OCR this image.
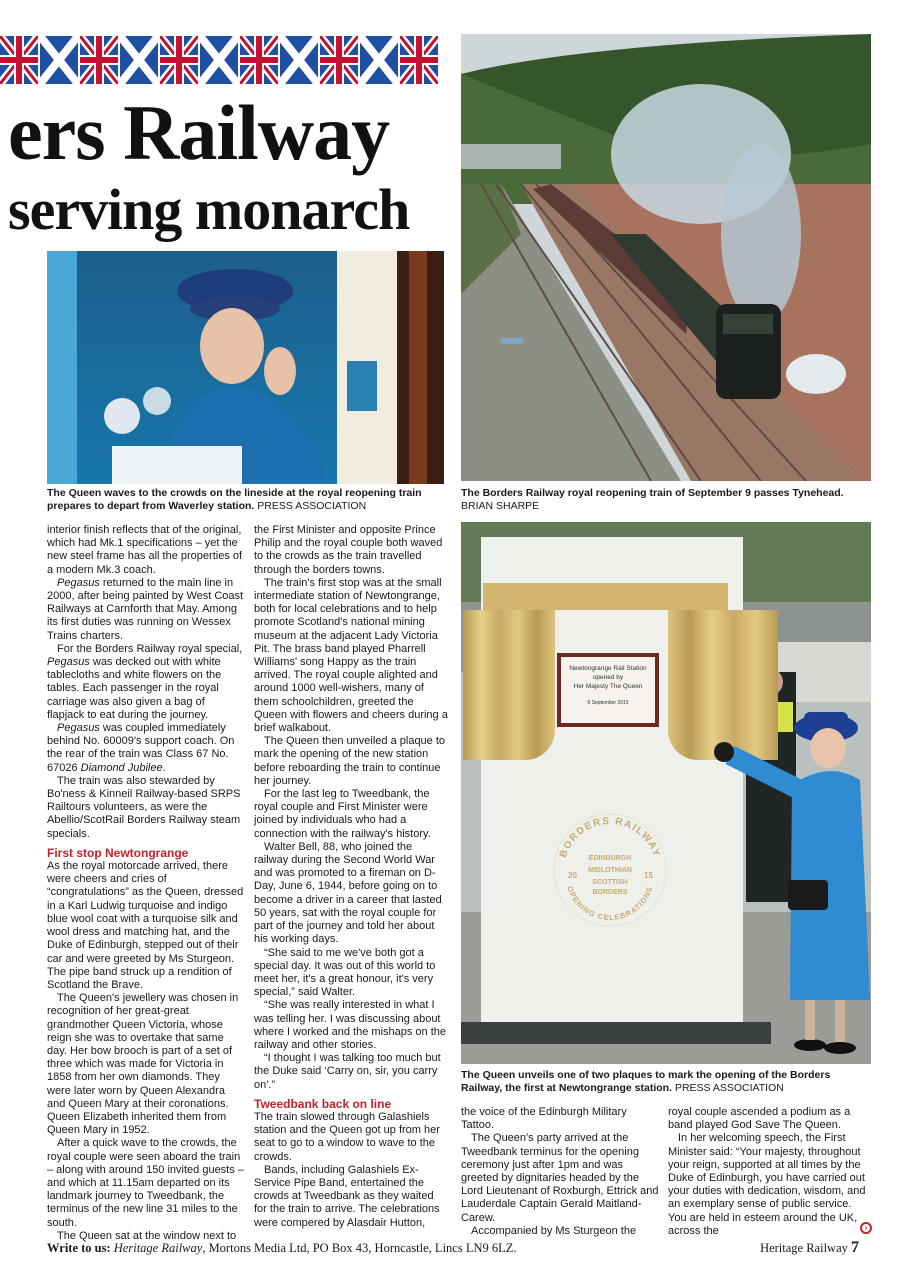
ers Railway
serving monarch
The Queen waves to the crowds on the lineside at the royal reopening train prepares to depart from Waverley station. PRESS ASSOCIATION
The Borders Railway royal reopening train of September 9 passes Tynehead.
BRIAN SHARPE
Newtongrange Rail Station
opened by
Her Majesty The Queen
9 September 2015
BORDERS RAILWAY
OPENING CELEBRATIONS
20	15
EDINBURGH
MIDLOTHIAN
SCOTTISH
BORDERS
The Queen unveils one of two plaques to mark the opening of the Borders Railway, the first at Newtongrange station. PRESS ASSOCIATION

interior finish reflects that of the original, which had Mk.1 specifications – yet the new steel frame has all the properties of a modern Mk.3 coach.

Pegasus returned to the main line in 2000, after being painted by West Coast Railways at Carnforth that May. Among its first duties was running on Wessex Trains charters.

For the Borders Railway royal special, Pegasus was decked out with white tablecloths and white flowers on the tables. Each passenger in the royal carriage was also given a bag of flapjack to eat during the journey.

Pegasus was coupled immediately behind No. 60009's support coach. On the rear of the train was Class 67 No. 67026 Diamond Jubilee.

The train was also stewarded by Bo'ness & Kinneil Railway-based SRPS Railtours volunteers, as were the Abellio/ScotRail Borders Railway steam specials.

First stop Newtongrange

As the royal motorcade arrived, there were cheers and cries of “congratulations” as the Queen, dressed in a Karl Ludwig turquoise and indigo blue wool coat with a turquoise silk and wool dress and matching hat, and the Duke of Edinburgh, stepped out of their car and were greeted by Ms Sturgeon. The pipe band struck up a rendition of Scotland the Brave.

The Queen's jewellery was chosen in recognition of her great-great grandmother Queen Victoria, whose reign she was to overtake that same day. Her bow brooch is part of a set of three which was made for Victoria in 1858 from her own diamonds. They were later worn by Queen Alexandra and Queen Mary at their coronations. Queen Elizabeth inherited them from Queen Mary in 1952.

After a quick wave to the crowds, the royal couple were seen aboard the train – along with around 150 invited guests – and which at 11.15am departed on its landmark journey to Tweedbank, the terminus of the new line 31 miles to the south.

The Queen sat at the window next to

the First Minister and opposite Prince Philip and the royal couple both waved to the crowds as the train travelled through the borders towns.

The train's first stop was at the small intermediate station of Newtongrange, both for local celebrations and to help promote Scotland's national mining museum at the adjacent Lady Victoria Pit. The brass band played Pharrell Williams' song Happy as the train arrived. The royal couple alighted and around 1000 well-wishers, many of them schoolchildren, greeted the Queen with flowers and cheers during a brief walkabout.

The Queen then unveiled a plaque to mark the opening of the new station before reboarding the train to continue her journey.

For the last leg to Tweedbank, the royal couple and First Minister were joined by individuals who had a connection with the railway's history.

Walter Bell, 88, who joined the railway during the Second World War and was promoted to a fireman on D-Day, June 6, 1944, before going on to become a driver in a career that lasted 50 years, sat with the royal couple for part of the journey and told her about his working days.

“She said to me we've both got a special day. It was out of this world to meet her, it's a great honour, it's very special,” said Walter.

“She was really interested in what I was telling her. I was discussing about where I worked and the mishaps on the railway and other stories.

“I thought I was talking too much but the Duke said ‘Carry on, sir, you carry on'.”

Tweedbank back on line

The train slowed through Galashiels station and the Queen got up from her seat to go to a window to wave to the crowds.

Bands, including Galashiels Ex-Service Pipe Band, entertained the crowds at Tweedbank as they waited for the train to arrive. The celebrations were compered by Alasdair Hutton,

the voice of the Edinburgh Military Tattoo.

The Queen's party arrived at the Tweedbank terminus for the opening ceremony just after 1pm and was greeted by dignitaries headed by the Lord Lieutenant of Roxburgh, Ettrick and Lauderdale Captain Gerald Maitland-Carew.

Accompanied by Ms Sturgeon the

royal couple ascended a podium as a band played God Save The Queen.

In her welcoming speech, the First Minister said: “Your majesty, throughout your reign, supported at all times by the Duke of Edinburgh, you have carried out your duties with dedication, wisdom, and an exemplary sense of public service. You are held in esteem around the UK, across the	›
Write to us: Heritage Railway, Mortons Media Ltd, PO Box 43, Horncastle, Lincs LN9 6LZ.	Heritage Railway 7
